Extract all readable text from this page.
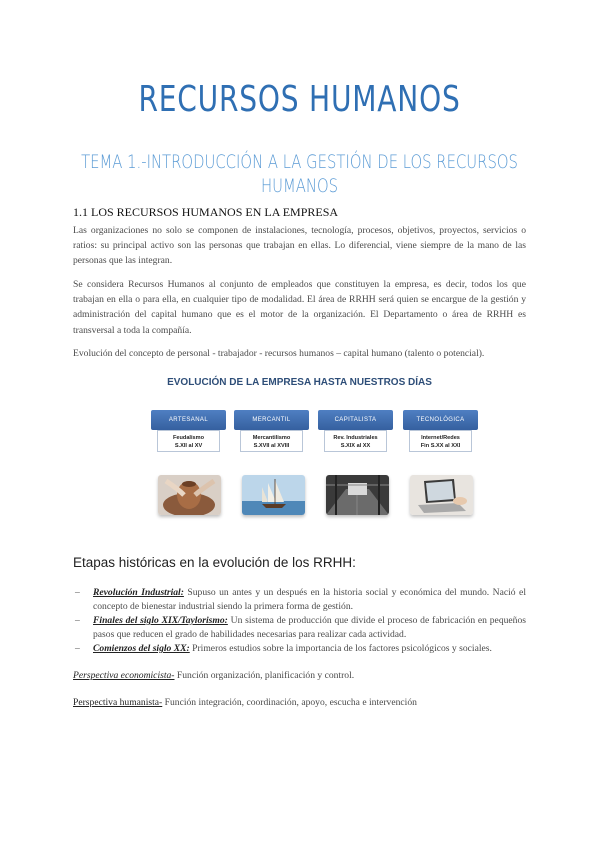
RECURSOS HUMANOS
TEMA 1.-INTRODUCCIÓN A LA GESTIÓN DE LOS RECURSOS HUMANOS
1.1 LOS RECURSOS HUMANOS EN LA EMPRESA
Las organizaciones no solo se componen de instalaciones, tecnología, procesos, objetivos, proyectos, servicios o ratios: su principal activo son las personas que trabajan en ellas. Lo diferencial, viene siempre de la mano de las personas que las integran.
Se considera Recursos Humanos al conjunto de empleados que constituyen la empresa, es decir, todos los que trabajan en ella o para ella, en cualquier tipo de modalidad. El área de RRHH será quien se encargue de la gestión y administración del capital humano que es el motor de la organización. El Departamento o área de RRHH es transversal a toda la compañía.
Evolución del concepto de personal - trabajador - recursos humanos – capital humano (talento o potencial).
EVOLUCIÓN DE LA EMPRESA HASTA NUESTROS DÍAS
ARTESANAL
Feudalismo
S.XII al XV
MERCANTIL
Mercantilismo
S.XVII al XVIII
CAPITALISTA
Rev. Industriales
S.XIX al XX
TECNOLÓGICA
Internet/Redes
Fin S.XX al XXI
Etapas históricas en la evolución de los RRHH:
– Revolución Industrial: Supuso un antes y un después en la historia social y económica del mundo. Nació el concepto de bienestar industrial siendo la primera forma de gestión.
– Finales del siglo XIX/Taylorismo: Un sistema de producción que divide el proceso de fabricación en pequeños pasos que reducen el grado de habilidades necesarias para realizar cada actividad.
– Comienzos del siglo XX: Primeros estudios sobre la importancia de los factores psicológicos y sociales.
Perspectiva economicista- Función organización, planificación y control.
Perspectiva humanista- Función integración, coordinación, apoyo, escucha e intervención
